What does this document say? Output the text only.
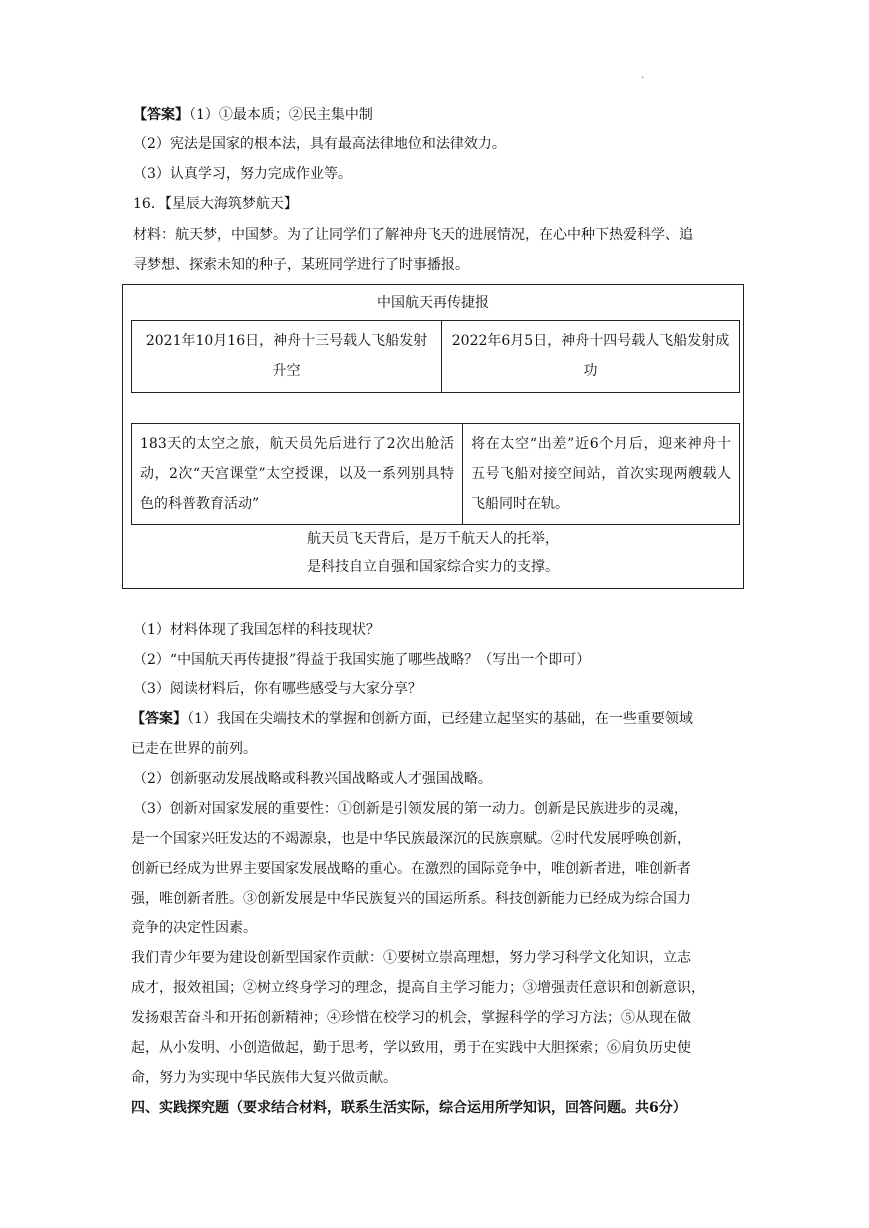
.
【答案】（1）①最本质；②民主集中制
（2）宪法是国家的根本法，具有最高法律地位和法律效力。
（3）认真学习，努力完成作业等。
16．【星辰大海筑梦航天】
材料：航天梦，中国梦。为了让同学们了解神舟飞天的进展情况，在心中种下热爱科学、追
寻梦想、探索未知的种子，某班同学进行了时事播报。
中国航天再传捷报
2021年10月16日，神舟十三号载人飞船发射升空
2022年6月5日，神舟十四号载人飞船发射成功
183天的太空之旅，航天员先后进行了2次出舱活动，2次“天宫课堂”太空授课，以及一系列别具特色的科普教育活动”
将在太空“出差”近6个月后，迎来神舟十五号飞船对接空间站，首次实现两艘载人飞船同时在轨。
航天员飞天背后，是万千航天人的托举，
是科技自立自强和国家综合实力的支撑。
（1）材料体现了我国怎样的科技现状？
（2）“中国航天再传捷报”得益于我国实施了哪些战略？（写出一个即可）
（3）阅读材料后，你有哪些感受与大家分享？
【答案】（1）我国在尖端技术的掌握和创新方面，已经建立起坚实的基础，在一些重要领域
已走在世界的前列。
（2）创新驱动发展战略或科教兴国战略或人才强国战略。
（3）创新对国家发展的重要性：①创新是引领发展的第一动力。创新是民族进步的灵魂，
是一个国家兴旺发达的不竭源泉，也是中华民族最深沉的民族禀赋。②时代发展呼唤创新，
创新已经成为世界主要国家发展战略的重心。在激烈的国际竞争中，唯创新者进，唯创新者
强，唯创新者胜。③创新发展是中华民族复兴的国运所系。科技创新能力已经成为综合国力
竞争的决定性因素。
我们青少年要为建设创新型国家作贡献：①要树立崇高理想，努力学习科学文化知识，立志
成才，报效祖国；②树立终身学习的理念，提高自主学习能力；③增强责任意识和创新意识，
发扬艰苦奋斗和开拓创新精神；④珍惜在校学习的机会，掌握科学的学习方法；⑤从现在做
起，从小发明、小创造做起，勤于思考，学以致用，勇于在实践中大胆探索；⑥肩负历史使
命，努力为实现中华民族伟大复兴做贡献。
四、实践探究题（要求结合材料，联系生活实际，综合运用所学知识，回答问题。共6分）
